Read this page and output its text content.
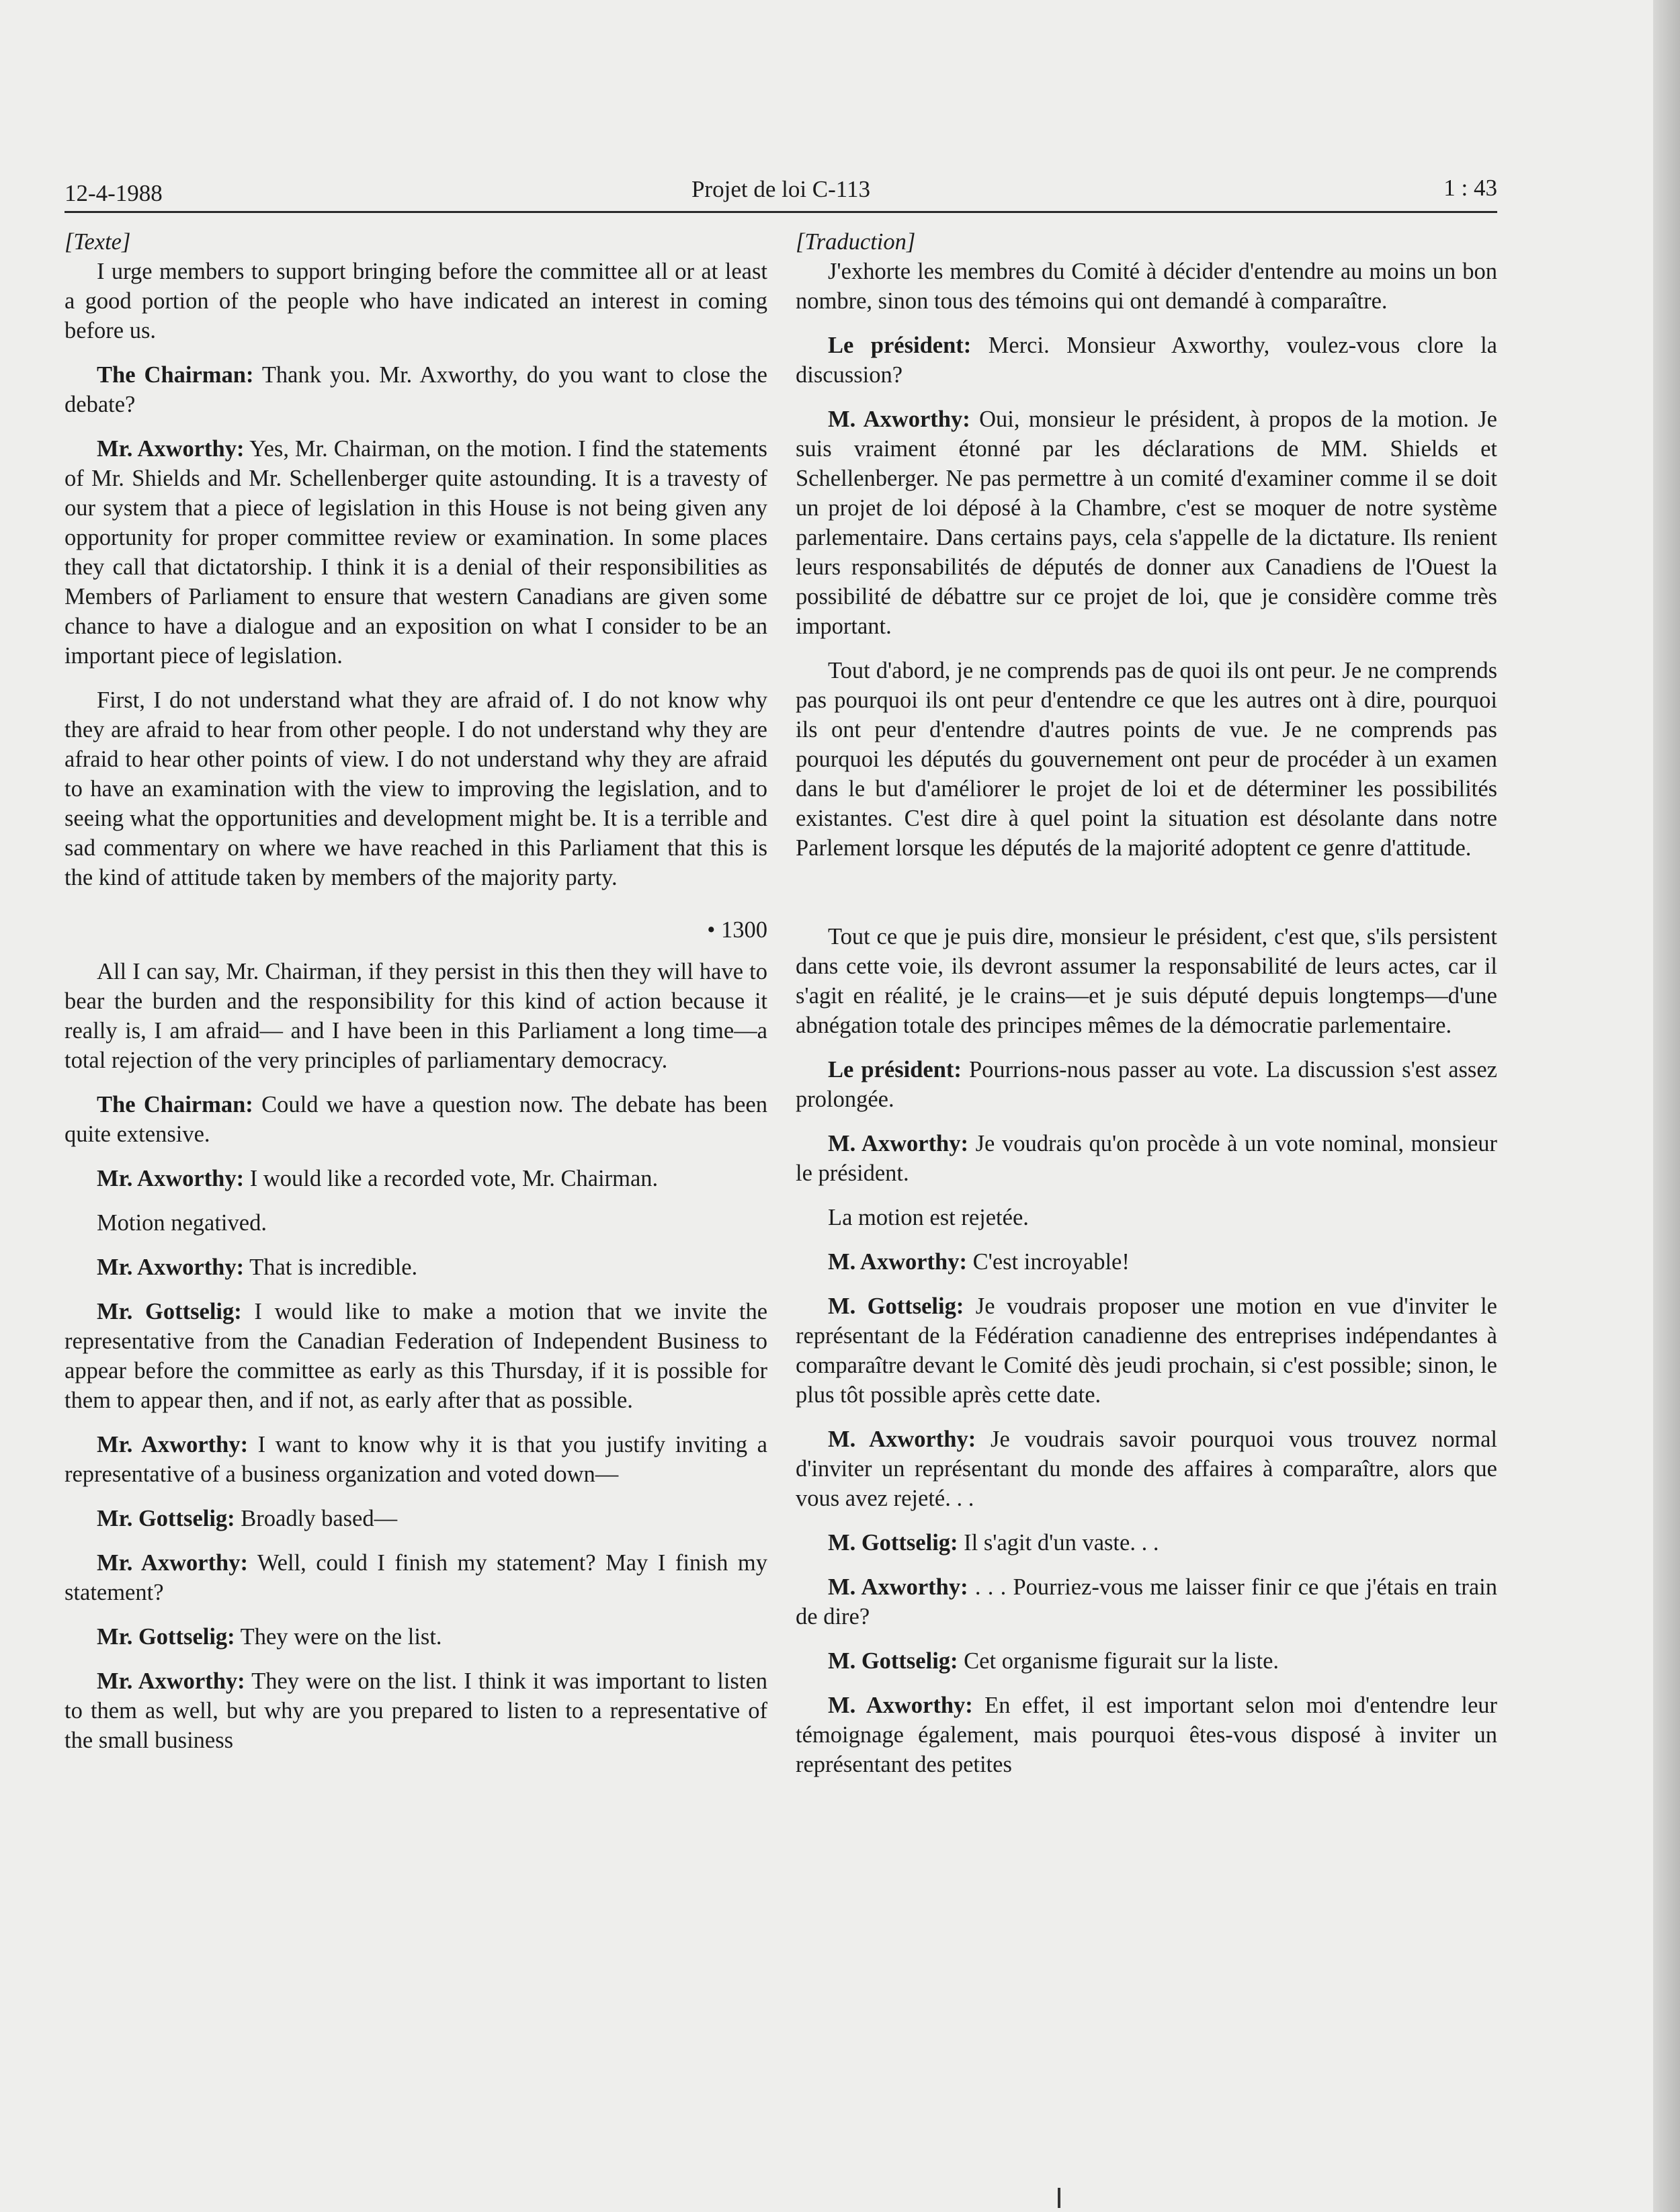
12-4-1988	Projet de loi C-113	1 : 43
[Texte]

I urge members to support bringing before the committee all or at least a good portion of the people who have indicated an interest in coming before us.

The Chairman: Thank you. Mr. Axworthy, do you want to close the debate?

Mr. Axworthy: Yes, Mr. Chairman, on the motion. I find the statements of Mr. Shields and Mr. Schellenberger quite astounding. It is a travesty of our system that a piece of legislation in this House is not being given any opportunity for proper committee review or examination. In some places they call that dictatorship. I think it is a denial of their responsibilities as Members of Parliament to ensure that western Canadians are given some chance to have a dialogue and an exposition on what I consider to be an important piece of legislation.

First, I do not understand what they are afraid of. I do not know why they are afraid to hear from other people. I do not understand why they are afraid to hear other points of view. I do not understand why they are afraid to have an examination with the view to improving the legislation, and to seeing what the opportunities and development might be. It is a terrible and sad commentary on where we have reached in this Parliament that this is the kind of attitude taken by members of the majority party.

• 1300

All I can say, Mr. Chairman, if they persist in this then they will have to bear the burden and the responsibility for this kind of action because it really is, I am afraid— and I have been in this Parliament a long time—a total rejection of the very principles of parliamentary democracy.

The Chairman: Could we have a question now. The debate has been quite extensive.

Mr. Axworthy: I would like a recorded vote, Mr. Chairman.

Motion negatived.

Mr. Axworthy: That is incredible.

Mr. Gottselig: I would like to make a motion that we invite the representative from the Canadian Federation of Independent Business to appear before the committee as early as this Thursday, if it is possible for them to appear then, and if not, as early after that as possible.

Mr. Axworthy: I want to know why it is that you justify inviting a representative of a business organization and voted down—

Mr. Gottselig: Broadly based—

Mr. Axworthy: Well, could I finish my statement? May I finish my statement?

Mr. Gottselig: They were on the list.

Mr. Axworthy: They were on the list. I think it was important to listen to them as well, but why are you prepared to listen to a representative of the small business

[Traduction]

J'exhorte les membres du Comité à décider d'entendre au moins un bon nombre, sinon tous des témoins qui ont demandé à comparaître.

Le président: Merci. Monsieur Axworthy, voulez-vous clore la discussion?

M. Axworthy: Oui, monsieur le président, à propos de la motion. Je suis vraiment étonné par les déclarations de MM. Shields et Schellenberger. Ne pas permettre à un comité d'examiner comme il se doit un projet de loi déposé à la Chambre, c'est se moquer de notre système parlementaire. Dans certains pays, cela s'appelle de la dictature. Ils renient leurs responsabilités de députés de donner aux Canadiens de l'Ouest la possibilité de débattre sur ce projet de loi, que je considère comme très important.

Tout d'abord, je ne comprends pas de quoi ils ont peur. Je ne comprends pas pourquoi ils ont peur d'entendre ce que les autres ont à dire, pourquoi ils ont peur d'entendre d'autres points de vue. Je ne comprends pas pourquoi les députés du gouvernement ont peur de procéder à un examen dans le but d'améliorer le projet de loi et de déterminer les possibilités existantes. C'est dire à quel point la situation est désolante dans notre Parlement lorsque les députés de la majorité adoptent ce genre d'attitude.

Tout ce que je puis dire, monsieur le président, c'est que, s'ils persistent dans cette voie, ils devront assumer la responsabilité de leurs actes, car il s'agit en réalité, je le crains—et je suis député depuis longtemps—d'une abnégation totale des principes mêmes de la démocratie parlementaire.

Le président: Pourrions-nous passer au vote. La discussion s'est assez prolongée.

M. Axworthy: Je voudrais qu'on procède à un vote nominal, monsieur le président.

La motion est rejetée.

M. Axworthy: C'est incroyable!

M. Gottselig: Je voudrais proposer une motion en vue d'inviter le représentant de la Fédération canadienne des entreprises indépendantes à comparaître devant le Comité dès jeudi prochain, si c'est possible; sinon, le plus tôt possible après cette date.

M. Axworthy: Je voudrais savoir pourquoi vous trouvez normal d'inviter un représentant du monde des affaires à comparaître, alors que vous avez rejeté. . .

M. Gottselig: Il s'agit d'un vaste. . .

M. Axworthy: . . . Pourriez-vous me laisser finir ce que j'étais en train de dire?

M. Gottselig: Cet organisme figurait sur la liste.

M. Axworthy: En effet, il est important selon moi d'entendre leur témoignage également, mais pourquoi êtes-vous disposé à inviter un représentant des petites
